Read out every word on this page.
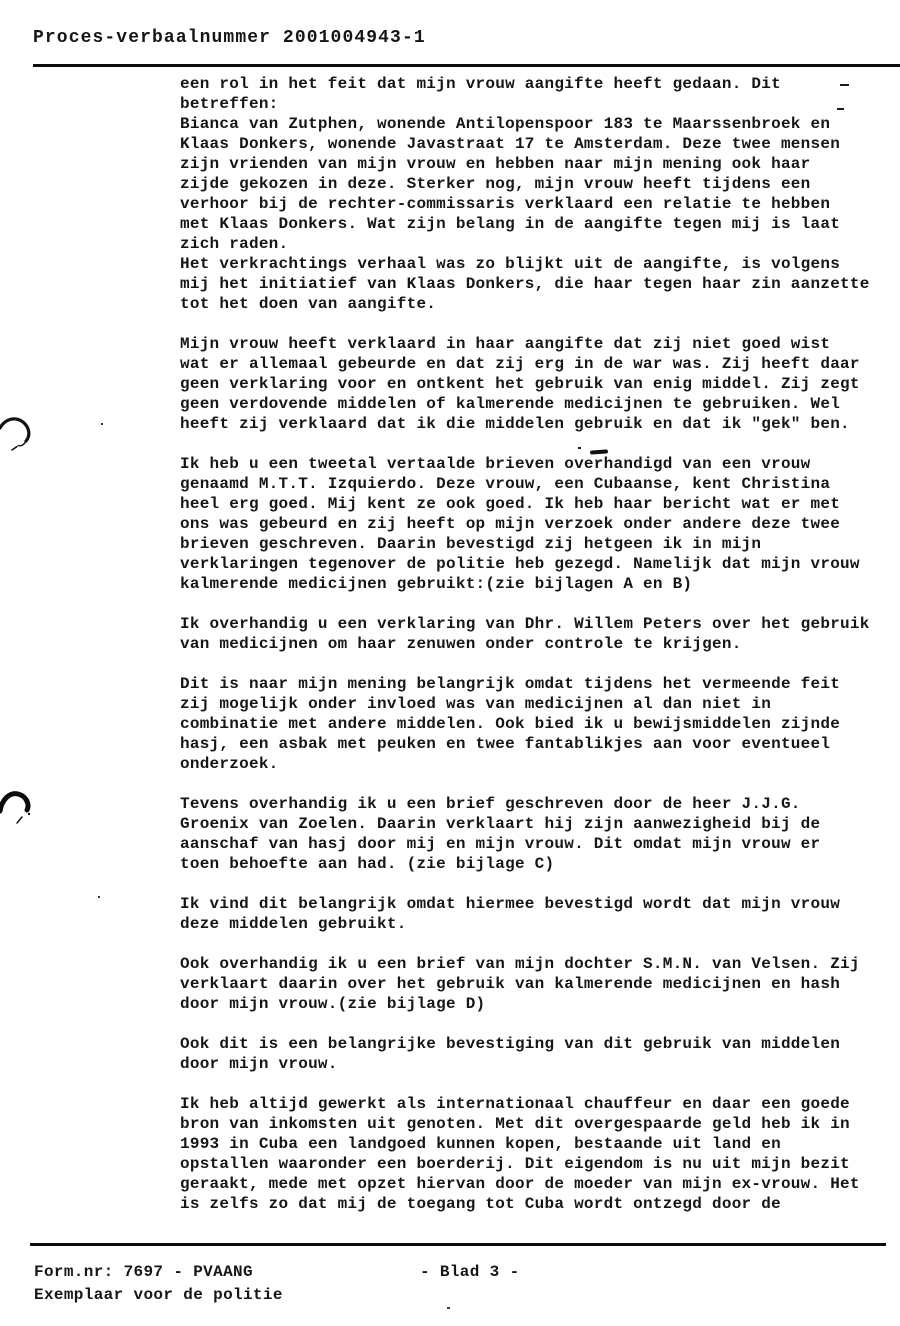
Proces-verbaalnummer 2001004943-1
een rol in het feit dat mijn vrouw aangifte heeft gedaan. Dit
betreffen:
Bianca van Zutphen, wonende Antilopenspoor 183 te Maarssenbroek en
Klaas Donkers, wonende Javastraat 17 te Amsterdam. Deze twee mensen
zijn vrienden van mijn vrouw en hebben naar mijn mening ook haar
zijde gekozen in deze. Sterker nog, mijn vrouw heeft tijdens een
verhoor bij de rechter-commissaris verklaard een relatie te hebben
met Klaas Donkers. Wat zijn belang in de aangifte tegen mij is laat
zich raden.
Het verkrachtings verhaal was zo blijkt uit de aangifte, is volgens
mij het initiatief van Klaas Donkers, die haar tegen haar zin aanzette
tot het doen van aangifte.

Mijn vrouw heeft verklaard in haar aangifte dat zij niet goed wist
wat er allemaal gebeurde en dat zij erg in de war was. Zij heeft daar
geen verklaring voor en ontkent het gebruik van enig middel. Zij zegt
geen verdovende middelen of kalmerende medicijnen te gebruiken. Wel
heeft zij verklaard dat ik die middelen gebruik en dat ik "gek" ben.

Ik heb u een tweetal vertaalde brieven overhandigd van een vrouw
genaamd M.T.T. Izquierdo. Deze vrouw, een Cubaanse, kent Christina
heel erg goed. Mij kent ze ook goed. Ik heb haar bericht wat er met
ons was gebeurd en zij heeft op mijn verzoek onder andere deze twee
brieven geschreven. Daarin bevestigd zij hetgeen ik in mijn
verklaringen tegenover de politie heb gezegd. Namelijk dat mijn vrouw
kalmerende medicijnen gebruikt:(zie bijlagen A en B)

Ik overhandig u een verklaring van Dhr. Willem Peters over het gebruik
van medicijnen om haar zenuwen onder controle te krijgen.

Dit is naar mijn mening belangrijk omdat tijdens het vermeende feit
zij mogelijk onder invloed was van medicijnen al dan niet in
combinatie met andere middelen. Ook bied ik u bewijsmiddelen zijnde
hasj, een asbak met peuken en twee fantablikjes aan voor eventueel
onderzoek.

Tevens overhandig ik u een brief geschreven door de heer J.J.G.
Groenix van Zoelen. Daarin verklaart hij zijn aanwezigheid bij de
aanschaf van hasj door mij en mijn vrouw. Dit omdat mijn vrouw er
toen behoefte aan had. (zie bijlage C)

Ik vind dit belangrijk omdat hiermee bevestigd wordt dat mijn vrouw
deze middelen gebruikt.

Ook overhandig ik u een brief van mijn dochter S.M.N. van Velsen. Zij
verklaart daarin over het gebruik van kalmerende medicijnen en hash
door mijn vrouw.(zie bijlage D)

Ook dit is een belangrijke bevestiging van dit gebruik van middelen
door mijn vrouw.

Ik heb altijd gewerkt als internationaal chauffeur en daar een goede
bron van inkomsten uit genoten. Met dit overgespaarde geld heb ik in
1993 in Cuba een landgoed kunnen kopen, bestaande uit land en
opstallen waaronder een boerderij. Dit eigendom is nu uit mijn bezit
geraakt, mede met opzet hiervan door de moeder van mijn ex-vrouw. Het
is zelfs zo dat mij de toegang tot Cuba wordt ontzegd door de
Form.nr: 7697 - PVAANG	- Blad 3 -
Exemplaar voor de politie
